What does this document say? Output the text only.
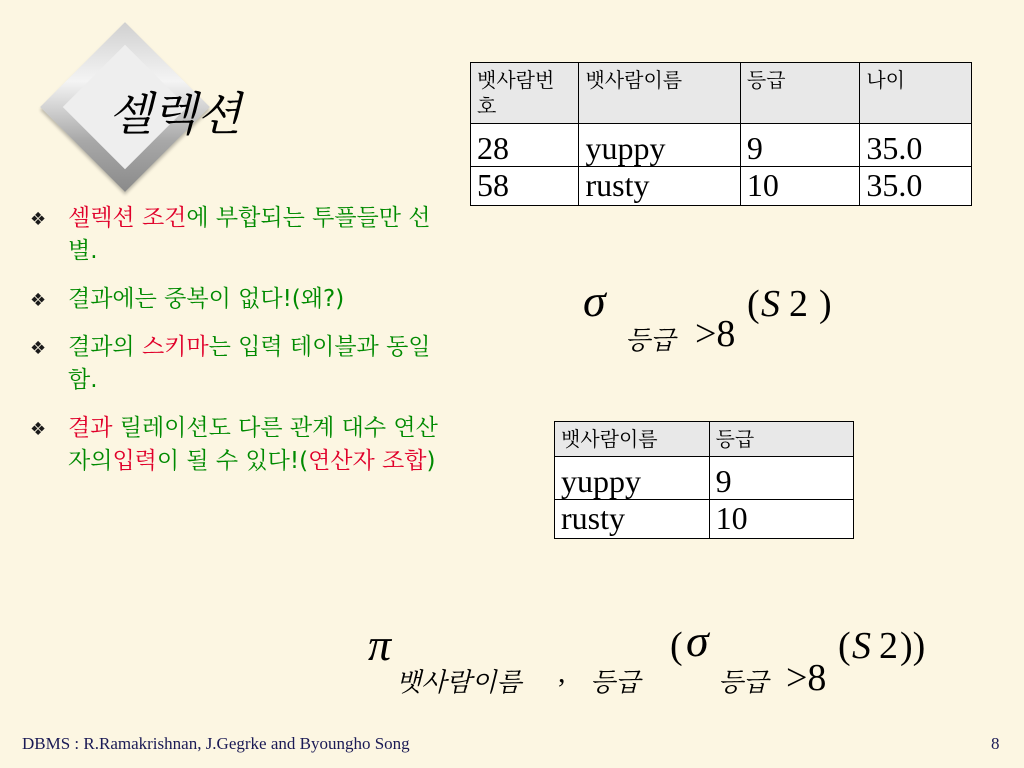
셀렉션
❖ 셀렉션 조건에 부합되는 투플들만 선별.
❖ 결과에는 중복이 없다!(왜?)
❖ 결과의 스키마는 입력 테이블과 동일함.
❖ 결과 릴레이션도 다른 관계 대수 연산자의입력이 될 수 있다!(연산자 조합)
뱃사람번호	뱃사람이름	등급	나이
28	yuppy	9	35.0
58	rusty	10	35.0
σ
등급 >8
( S 2 )
뱃사람이름	등급
yuppy	9
rusty	10
π
뱃사람이름 , 등급
( σ
등급 >8
( S 2 ))
DBMS : R.Ramakrishnan, J.Gegrke and Byoungho Song	8
